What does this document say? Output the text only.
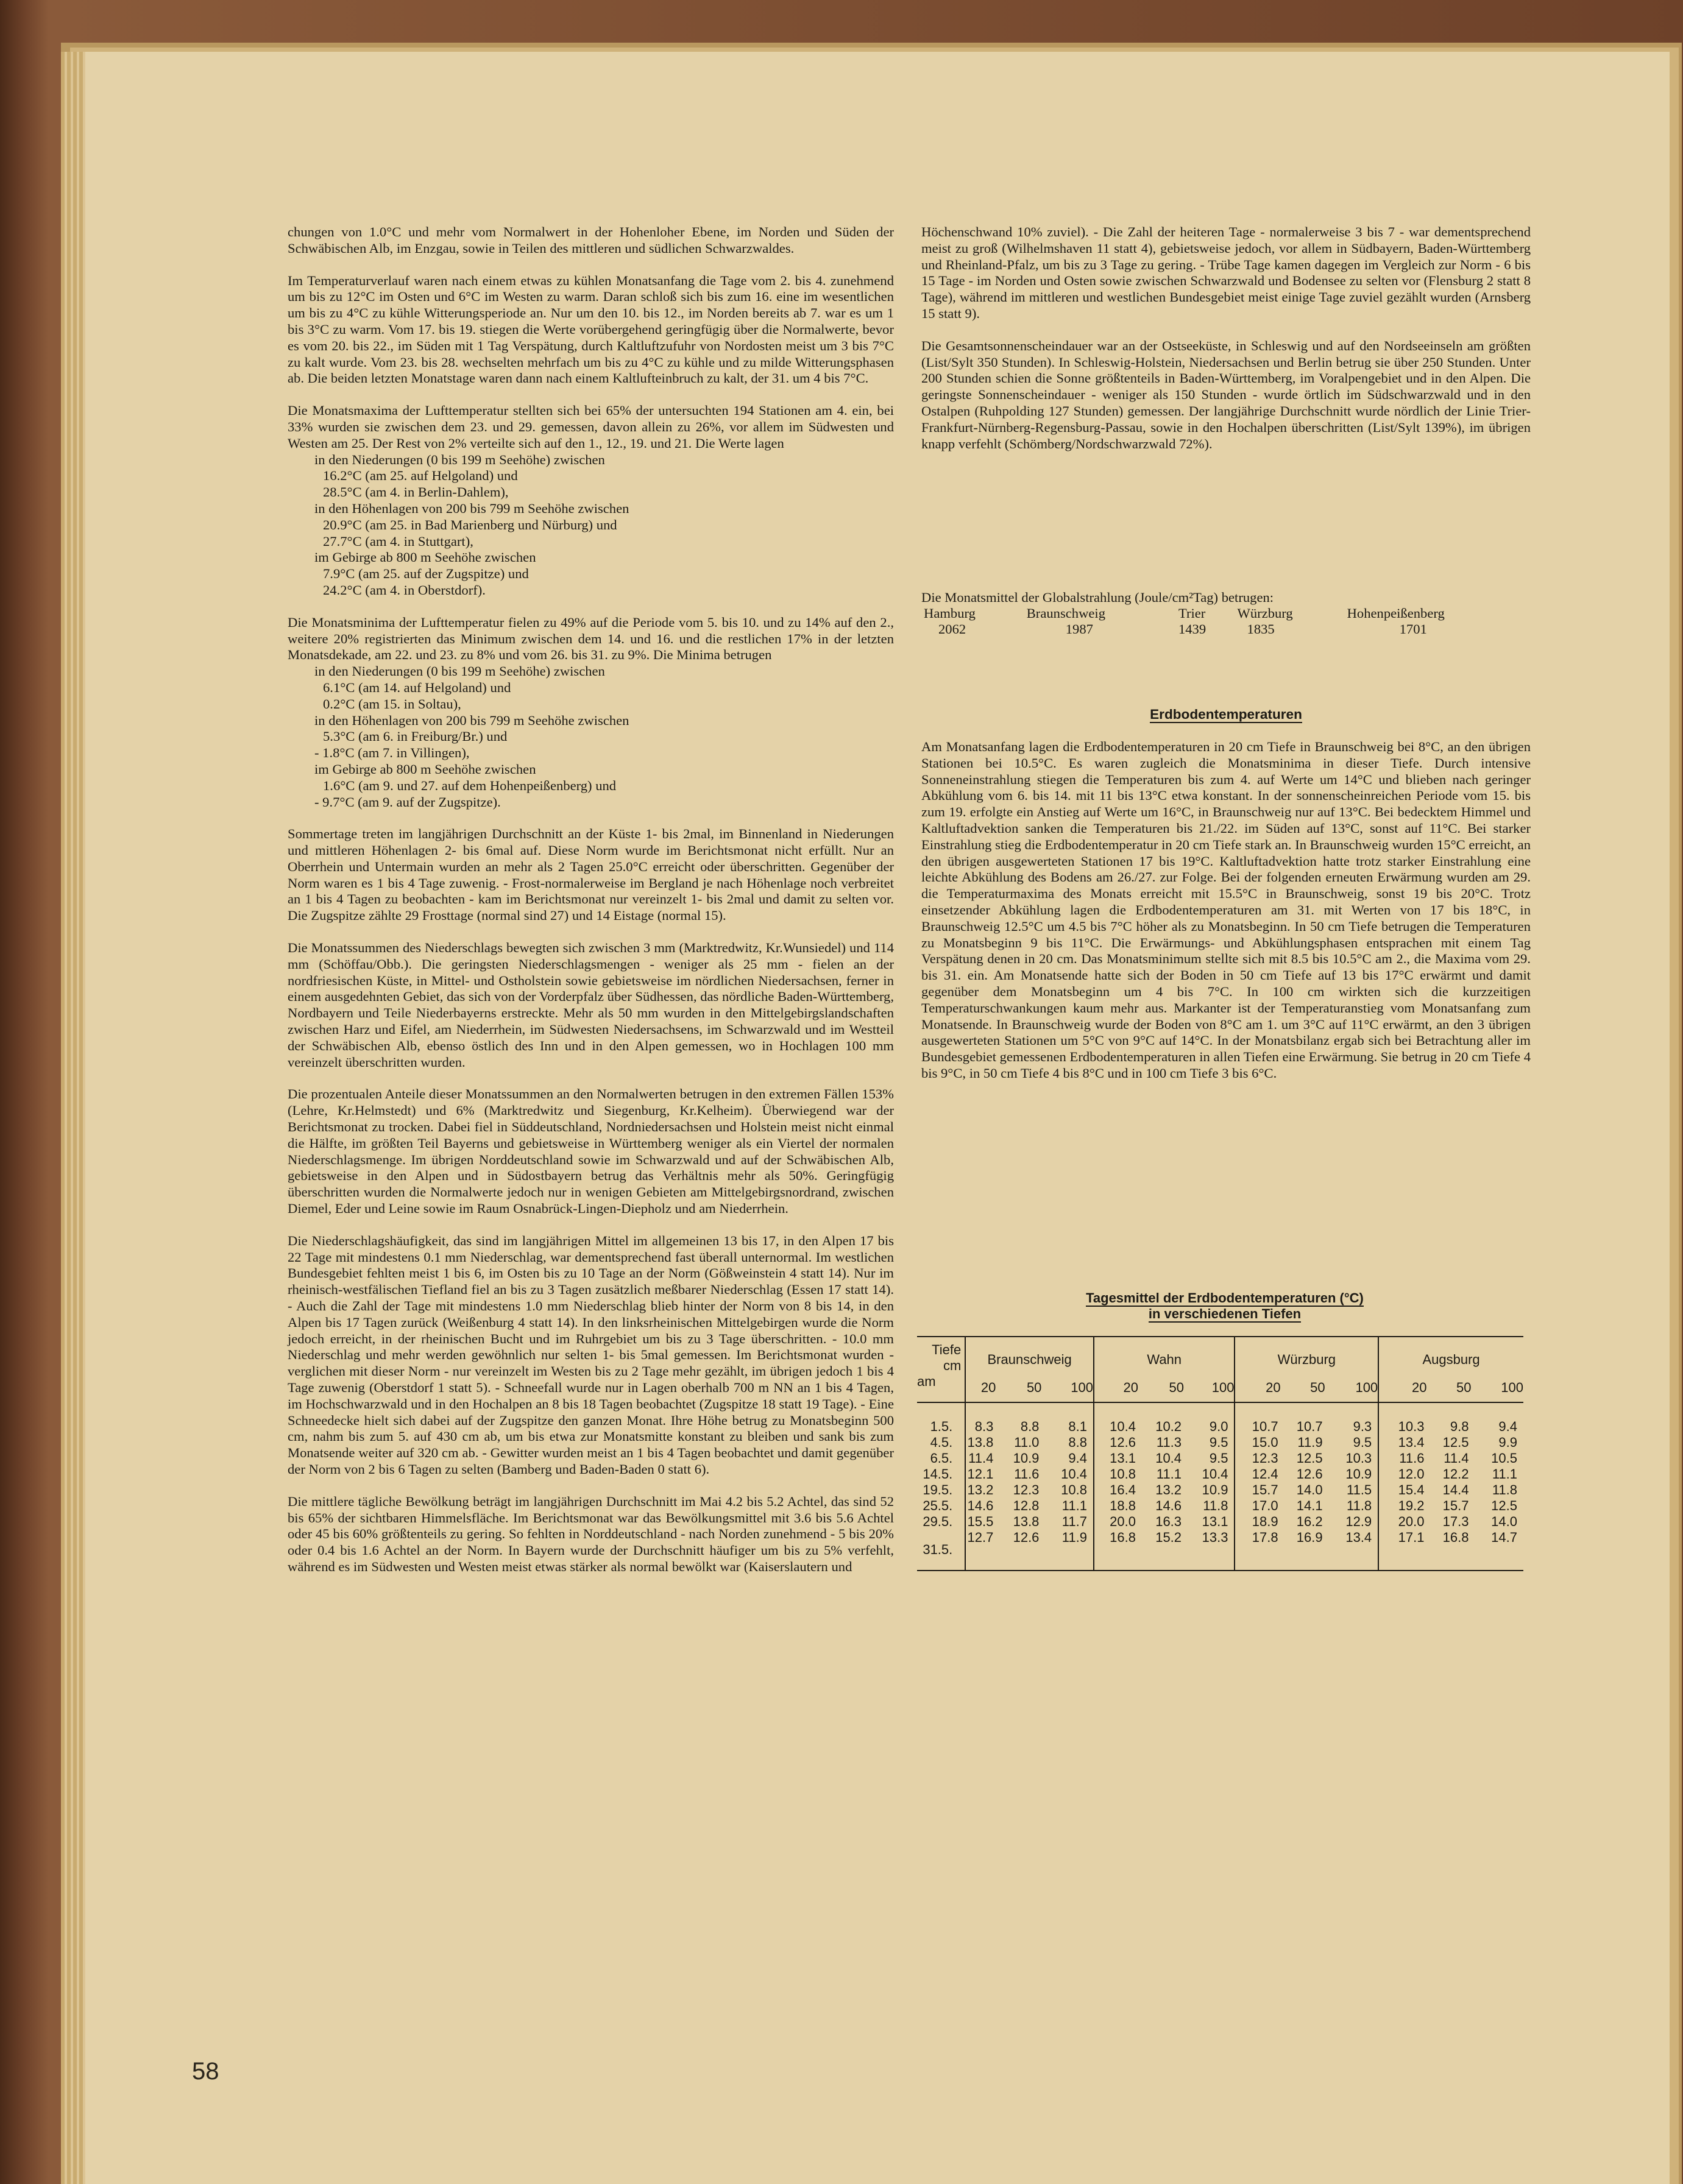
chungen von 1.0°C und mehr vom Normalwert in der Hohenloher Ebene, im Norden und Süden der Schwäbischen Alb, im Enzgau, sowie in Teilen des mittleren und südlichen Schwarzwaldes.

Im Temperaturverlauf waren nach einem etwas zu kühlen Monatsanfang die Tage vom 2. bis 4. zunehmend um bis zu 12°C im Osten und 6°C im Westen zu warm. Daran schloß sich bis zum 16. eine im wesentlichen um bis zu 4°C zu kühle Witterungsperiode an. Nur um den 10. bis 12., im Norden bereits ab 7. war es um 1 bis 3°C zu warm. Vom 17. bis 19. stiegen die Werte vorübergehend geringfügig über die Normalwerte, bevor es vom 20. bis 22., im Süden mit 1 Tag Verspätung, durch Kaltluftzufuhr von Nordosten meist um 3 bis 7°C zu kalt wurde. Vom 23. bis 28. wechselten mehrfach um bis zu 4°C zu kühle und zu milde Witterungsphasen ab. Die beiden letzten Monatstage waren dann nach einem Kaltlufteinbruch zu kalt, der 31. um 4 bis 7°C.

Die Monatsmaxima der Lufttemperatur stellten sich bei 65% der untersuchten 194 Stationen am 4. ein, bei 33% wurden sie zwischen dem 23. und 29. gemessen, davon allein zu 26%, vor allem im Südwesten und Westen am 25. Der Rest von 2% verteilte sich auf den 1., 12., 19. und 21. Die Werte lagen

in den Niederungen (0 bis 199 m Seehöhe) zwischen
16.2°C (am 25. auf Helgoland) und
28.5°C (am 4. in Berlin-Dahlem),
in den Höhenlagen von 200 bis 799 m Seehöhe zwischen
20.9°C (am 25. in Bad Marienberg und Nürburg) und
27.7°C (am 4. in Stuttgart),
im Gebirge ab 800 m Seehöhe zwischen
7.9°C (am 25. auf der Zugspitze) und
24.2°C (am 4. in Oberstdorf).

Die Monatsminima der Lufttemperatur fielen zu 49% auf die Periode vom 5. bis 10. und zu 14% auf den 2., weitere 20% registrierten das Minimum zwischen dem 14. und 16. und die restlichen 17% in der letzten Monatsdekade, am 22. und 23. zu 8% und vom 26. bis 31. zu 9%. Die Minima betrugen

in den Niederungen (0 bis 199 m Seehöhe) zwischen
6.1°C (am 14. auf Helgoland) und
0.2°C (am 15. in Soltau),
in den Höhenlagen von 200 bis 799 m Seehöhe zwischen
5.3°C (am 6. in Freiburg/Br.) und
- 1.8°C (am 7. in Villingen),
im Gebirge ab 800 m Seehöhe zwischen
1.6°C (am 9. und 27. auf dem Hohenpeißenberg) und
- 9.7°C (am 9. auf der Zugspitze).

Sommertage treten im langjährigen Durchschnitt an der Küste 1- bis 2mal, im Binnenland in Niederungen und mittleren Höhenlagen 2- bis 6mal auf. Diese Norm wurde im Berichtsmonat nicht erfüllt. Nur an Oberrhein und Untermain wurden an mehr als 2 Tagen 25.0°C erreicht oder überschritten. Gegenüber der Norm waren es 1 bis 4 Tage zuwenig. - Frost-normalerweise im Bergland je nach Höhenlage noch verbreitet an 1 bis 4 Tagen zu beobachten - kam im Berichtsmonat nur vereinzelt 1- bis 2mal und damit zu selten vor. Die Zugspitze zählte 29 Frosttage (normal sind 27) und 14 Eistage (normal 15).

Die Monatssummen des Niederschlags bewegten sich zwischen 3 mm (Marktredwitz, Kr.Wunsiedel) und 114 mm (Schöffau/Obb.). Die geringsten Niederschlagsmengen - weniger als 25 mm - fielen an der nordfriesischen Küste, in Mittel- und Ostholstein sowie gebietsweise im nördlichen Niedersachsen, ferner in einem ausgedehnten Gebiet, das sich von der Vorderpfalz über Südhessen, das nördliche Baden-Württemberg, Nordbayern und Teile Niederbayerns erstreckte. Mehr als 50 mm wurden in den Mittelgebirgslandschaften zwischen Harz und Eifel, am Niederrhein, im Südwesten Niedersachsens, im Schwarzwald und im Westteil der Schwäbischen Alb, ebenso östlich des Inn und in den Alpen gemessen, wo in Hochlagen 100 mm vereinzelt überschritten wurden.

Die prozentualen Anteile dieser Monatssummen an den Normalwerten betrugen in den extremen Fällen 153% (Lehre, Kr.Helmstedt) und 6% (Marktredwitz und Siegenburg, Kr.Kelheim). Überwiegend war der Berichtsmonat zu trocken. Dabei fiel in Süddeutschland, Nordniedersachsen und Holstein meist nicht einmal die Hälfte, im größten Teil Bayerns und gebietsweise in Württemberg weniger als ein Viertel der normalen Niederschlagsmenge. Im übrigen Norddeutschland sowie im Schwarzwald und auf der Schwäbischen Alb, gebietsweise in den Alpen und in Südostbayern betrug das Verhältnis mehr als 50%. Geringfügig überschritten wurden die Normalwerte jedoch nur in wenigen Gebieten am Mittelgebirgsnordrand, zwischen Diemel, Eder und Leine sowie im Raum Osnabrück-Lingen-Diepholz und am Niederrhein.

Die Niederschlagshäufigkeit, das sind im langjährigen Mittel im allgemeinen 13 bis 17, in den Alpen 17 bis 22 Tage mit mindestens 0.1 mm Niederschlag, war dementsprechend fast überall unternormal. Im westlichen Bundesgebiet fehlten meist 1 bis 6, im Osten bis zu 10 Tage an der Norm (Gößweinstein 4 statt 14). Nur im rheinisch-westfälischen Tiefland fiel an bis zu 3 Tagen zusätzlich meßbarer Niederschlag (Essen 17 statt 14). - Auch die Zahl der Tage mit mindestens 1.0 mm Niederschlag blieb hinter der Norm von 8 bis 14, in den Alpen bis 17 Tagen zurück (Weißenburg 4 statt 14). In den linksrheinischen Mittelgebirgen wurde die Norm jedoch erreicht, in der rheinischen Bucht und im Ruhrgebiet um bis zu 3 Tage überschritten. - 10.0 mm Niederschlag und mehr werden gewöhnlich nur selten 1- bis 5mal gemessen. Im Berichtsmonat wurden - verglichen mit dieser Norm - nur vereinzelt im Westen bis zu 2 Tage mehr gezählt, im übrigen jedoch 1 bis 4 Tage zuwenig (Oberstdorf 1 statt 5). - Schneefall wurde nur in Lagen oberhalb 700 m NN an 1 bis 4 Tagen, im Hochschwarzwald und in den Hochalpen an 8 bis 18 Tagen beobachtet (Zugspitze 18 statt 19 Tage). - Eine Schneedecke hielt sich dabei auf der Zugspitze den ganzen Monat. Ihre Höhe betrug zu Monatsbeginn 500 cm, nahm bis zum 5. auf 430 cm ab, um bis etwa zur Monatsmitte konstant zu bleiben und sank bis zum Monatsende weiter auf 320 cm ab. - Gewitter wurden meist an 1 bis 4 Tagen beobachtet und damit gegenüber der Norm von 2 bis 6 Tagen zu selten (Bamberg und Baden-Baden 0 statt 6).

Die mittlere tägliche Bewölkung beträgt im langjährigen Durchschnitt im Mai 4.2 bis 5.2 Achtel, das sind 52 bis 65% der sichtbaren Himmelsfläche. Im Berichtsmonat war das Bewölkungsmittel mit 3.6 bis 5.6 Achtel oder 45 bis 60% größtenteils zu gering. So fehlten in Norddeutschland - nach Norden zunehmend - 5 bis 20% oder 0.4 bis 1.6 Achtel an der Norm. In Bayern wurde der Durchschnitt häufiger um bis zu 5% verfehlt, während es im Südwesten und Westen meist etwas stärker als normal bewölkt war (Kaiserslautern und

Höchenschwand 10% zuviel). - Die Zahl der heiteren Tage - normalerweise 3 bis 7 - war dementsprechend meist zu groß (Wilhelmshaven 11 statt 4), gebietsweise jedoch, vor allem in Südbayern, Baden-Württemberg und Rheinland-Pfalz, um bis zu 3 Tage zu gering. - Trübe Tage kamen dagegen im Vergleich zur Norm - 6 bis 15 Tage - im Norden und Osten sowie zwischen Schwarzwald und Bodensee zu selten vor (Flensburg 2 statt 8 Tage), während im mittleren und westlichen Bundesgebiet meist einige Tage zuviel gezählt wurden (Arnsberg 15 statt 9).

Die Gesamtsonnenscheindauer war an der Ostseeküste, in Schleswig und auf den Nordseeinseln am größten (List/Sylt 350 Stunden). In Schleswig-Holstein, Niedersachsen und Berlin betrug sie über 250 Stunden. Unter 200 Stunden schien die Sonne größtenteils in Baden-Württemberg, im Voralpengebiet und in den Alpen. Die geringste Sonnenscheindauer - weniger als 150 Stunden - wurde örtlich im Südschwarzwald und in den Ostalpen (Ruhpolding 127 Stunden) gemessen. Der langjährige Durchschnitt wurde nördlich der Linie Trier-Frankfurt-Nürnberg-Regensburg-Passau, sowie in den Hochalpen überschritten (List/Sylt 139%), im übrigen knapp verfehlt (Schömberg/Nordschwarzwald 72%).

Die Monatsmittel der Globalstrahlung (Joule/cm²Tag) betrugen:
Hamburg	Braunschweig	Trier	Würzburg	Hohenpeißenberg
2062	1987	1439	1835	1701
Erdbodentemperaturen

Am Monatsanfang lagen die Erdbodentemperaturen in 20 cm Tiefe in Braunschweig bei 8°C, an den übrigen Stationen bei 10.5°C. Es waren zugleich die Monatsminima in dieser Tiefe. Durch intensive Sonneneinstrahlung stiegen die Temperaturen bis zum 4. auf Werte um 14°C und blieben nach geringer Abkühlung vom 6. bis 14. mit 11 bis 13°C etwa konstant. In der sonnenscheinreichen Periode vom 15. bis zum 19. erfolgte ein Anstieg auf Werte um 16°C, in Braunschweig nur auf 13°C. Bei bedecktem Himmel und Kaltluftadvektion sanken die Temperaturen bis 21./22. im Süden auf 13°C, sonst auf 11°C. Bei starker Einstrahlung stieg die Erdbodentemperatur in 20 cm Tiefe stark an. In Braunschweig wurden 15°C erreicht, an den übrigen ausgewerteten Stationen 17 bis 19°C. Kaltluftadvektion hatte trotz starker Einstrahlung eine leichte Abkühlung des Bodens am 26./27. zur Folge. Bei der folgenden erneuten Erwärmung wurden am 29. die Temperaturmaxima des Monats erreicht mit 15.5°C in Braunschweig, sonst 19 bis 20°C. Trotz einsetzender Abkühlung lagen die Erdbodentemperaturen am 31. mit Werten von 17 bis 18°C, in Braunschweig 12.5°C um 4.5 bis 7°C höher als zu Monatsbeginn. In 50 cm Tiefe betrugen die Temperaturen zu Monatsbeginn 9 bis 11°C. Die Erwärmungs- und Abkühlungsphasen entsprachen mit einem Tag Verspätung denen in 20 cm. Das Monatsminimum stellte sich mit 8.5 bis 10.5°C am 2., die Maxima vom 29. bis 31. ein. Am Monatsende hatte sich der Boden in 50 cm Tiefe auf 13 bis 17°C erwärmt und damit gegenüber dem Monatsbeginn um 4 bis 7°C. In 100 cm wirkten sich die kurzzeitigen Temperaturschwankungen kaum mehr aus. Markanter ist der Temperaturanstieg vom Monatsanfang zum Monatsende. In Braunschweig wurde der Boden von 8°C am 1. um 3°C auf 11°C erwärmt, an den 3 übrigen ausgewerteten Stationen um 5°C von 9°C auf 14°C. In der Monatsbilanz ergab sich bei Betrachtung aller im Bundesgebiet gemessenen Erdbodentemperaturen in allen Tiefen eine Erwärmung. Sie betrug in 20 cm Tiefe 4 bis 9°C, in 50 cm Tiefe 4 bis 8°C und in 100 cm Tiefe 3 bis 6°C.

Tagesmittel der Erdbodentemperaturen (°C)
in verschiedenen Tiefen
Tiefe
cm	Braunschweig			Wahn			Würzburg			Augsburg		
am	20	50	100	20	50	100	20	50	100	20	50	100
1.5.	8.3	8.8	8.1	10.4	10.2	9.0	10.7	10.7	9.3	10.3	9.8	9.4
4.5.	13.8	11.0	8.8	12.6	11.3	9.5	15.0	11.9	9.5	13.4	12.5	9.9
6.5.	11.4	10.9	9.4	13.1	10.4	9.5	12.3	12.5	10.3	11.6	11.4	10.5
14.5.	12.1	11.6	10.4	10.8	11.1	10.4	12.4	12.6	10.9	12.0	12.2	11.1
19.5.	13.2	12.3	10.8	16.4	13.2	10.9	15.7	14.0	11.5	15.4	14.4	11.8
25.5.	14.6	12.8	11.1	18.8	14.6	11.8	17.0	14.1	11.8	19.2	15.7	12.5
29.5.	15.5	13.8	11.7	20.0	16.3	13.1	18.9	16.2	12.9	20.0	17.3	14.0
31.5.	12.7	12.6	11.9	16.8	15.2	13.3	17.8	16.9	13.4	17.1	16.8	14.7
58
